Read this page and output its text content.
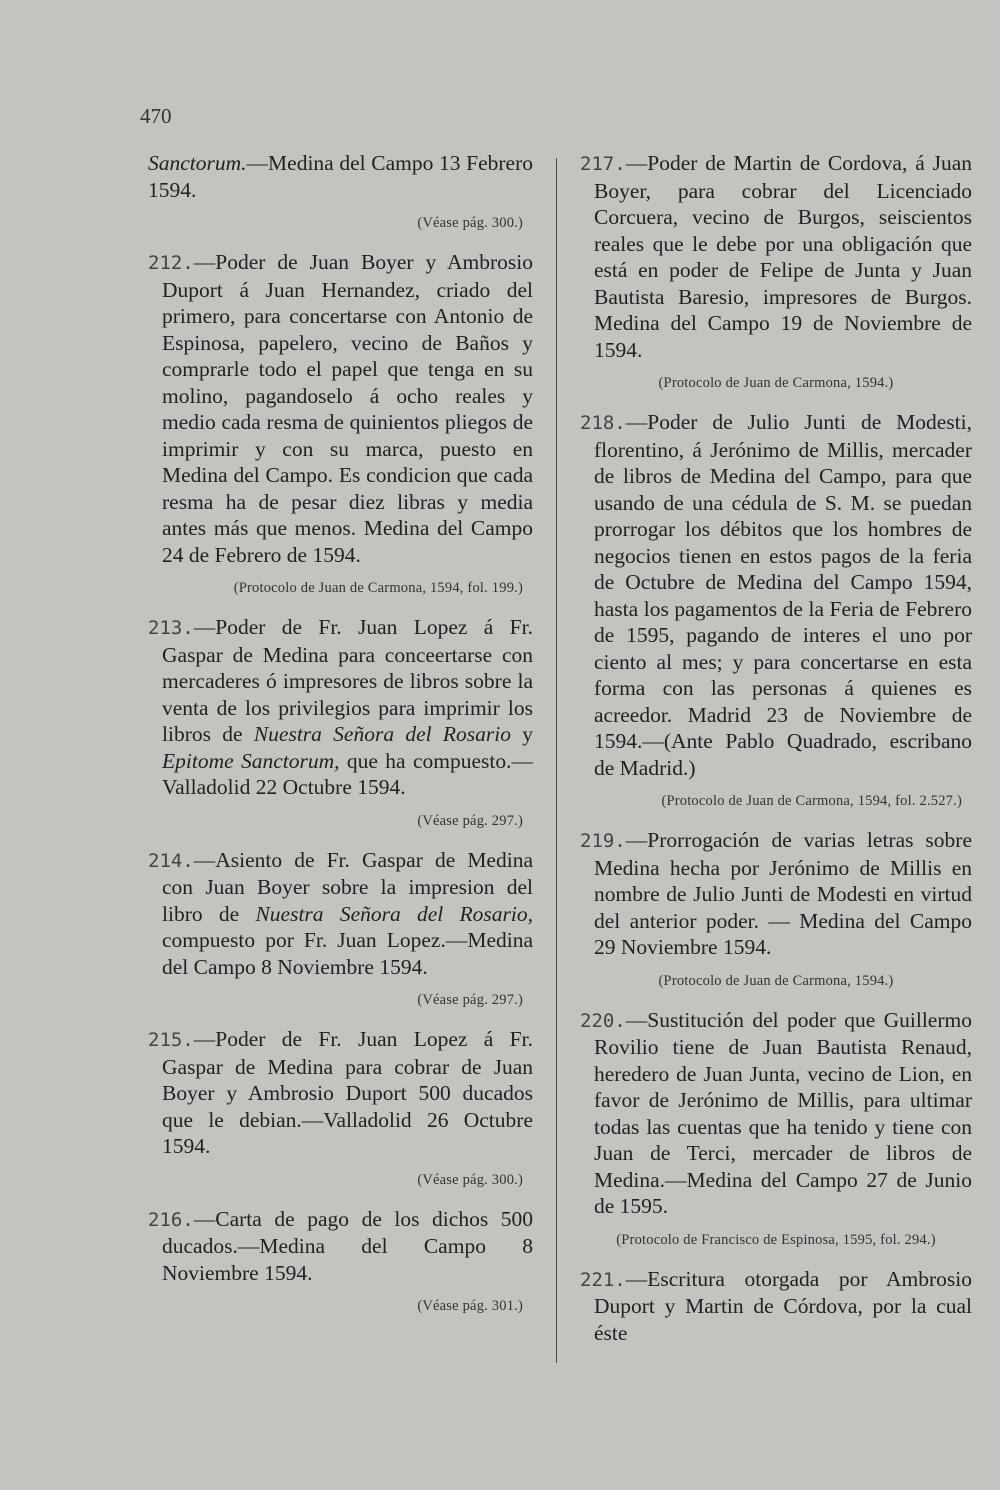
470

Sanctorum.—Medina del Campo 13 Febrero 1594.

(Véase pág. 300.)

212.—Poder de Juan Boyer y Ambrosio Duport á Juan Hernandez, criado del primero, para concertarse con Antonio de Espinosa, papelero, vecino de Baños y comprarle todo el papel que tenga en su molino, pagandoselo á ocho reales y medio cada resma de quinientos pliegos de imprimir y con su marca, puesto en Medina del Campo. Es condicion que cada resma ha de pesar diez libras y media antes más que menos. Medina del Campo 24 de Febrero de 1594.

(Protocolo de Juan de Carmona, 1594, fol. 199.)

213.—Poder de Fr. Juan Lopez á Fr. Gaspar de Medina para conceertarse con mercaderes ó impresores de libros sobre la venta de los privilegios para imprimir los libros de Nuestra Señora del Rosario y Epitome Sanctorum, que ha compuesto.—Valladolid 22 Octubre 1594.

(Véase pág. 297.)

214.—Asiento de Fr. Gaspar de Medina con Juan Boyer sobre la impresion del libro de Nuestra Señora del Rosario, compuesto por Fr. Juan Lopez.—Medina del Campo 8 Noviembre 1594.

(Véase pág. 297.)

215.—Poder de Fr. Juan Lopez á Fr. Gaspar de Medina para cobrar de Juan Boyer y Ambrosio Duport 500 ducados que le debian.—Valladolid 26 Octubre 1594.

(Véase pág. 300.)

216.—Carta de pago de los dichos 500 ducados.—Medina del Campo 8 Noviembre 1594.

(Véase pág. 301.)

217.—Poder de Martin de Cordova, á Juan Boyer, para cobrar del Licenciado Corcuera, vecino de Burgos, seiscientos reales que le debe por una obligación que está en poder de Felipe de Junta y Juan Bautista Baresio, impresores de Burgos. Medina del Campo 19 de Noviembre de 1594.

(Protocolo de Juan de Carmona, 1594.)

218.—Poder de Julio Junti de Modesti, florentino, á Jerónimo de Millis, mercader de libros de Medina del Campo, para que usando de una cédula de S. M. se puedan prorrogar los débitos que los hombres de negocios tienen en estos pagos de la feria de Octubre de Medina del Campo 1594, hasta los pagamentos de la Feria de Febrero de 1595, pagando de interes el uno por ciento al mes; y para concertarse en esta forma con las personas á quienes es acreedor. Madrid 23 de Noviembre de 1594.—(Ante Pablo Quadrado, escribano de Madrid.)

(Protocolo de Juan de Carmona, 1594, fol. 2.527.)

219.—Prorrogación de varias letras sobre Medina hecha por Jerónimo de Millis en nombre de Julio Junti de Modesti en virtud del anterior poder. — Medina del Campo 29 Noviembre 1594.

(Protocolo de Juan de Carmona, 1594.)

220.—Sustitución del poder que Guillermo Rovilio tiene de Juan Bautista Renaud, heredero de Juan Junta, vecino de Lion, en favor de Jerónimo de Millis, para ultimar todas las cuentas que ha tenido y tiene con Juan de Terci, mercader de libros de Medina.—Medina del Campo 27 de Junio de 1595.

(Protocolo de Francisco de Espinosa, 1595, fol. 294.)

221.—Escritura otorgada por Ambrosio Duport y Martin de Córdova, por la cual éste
